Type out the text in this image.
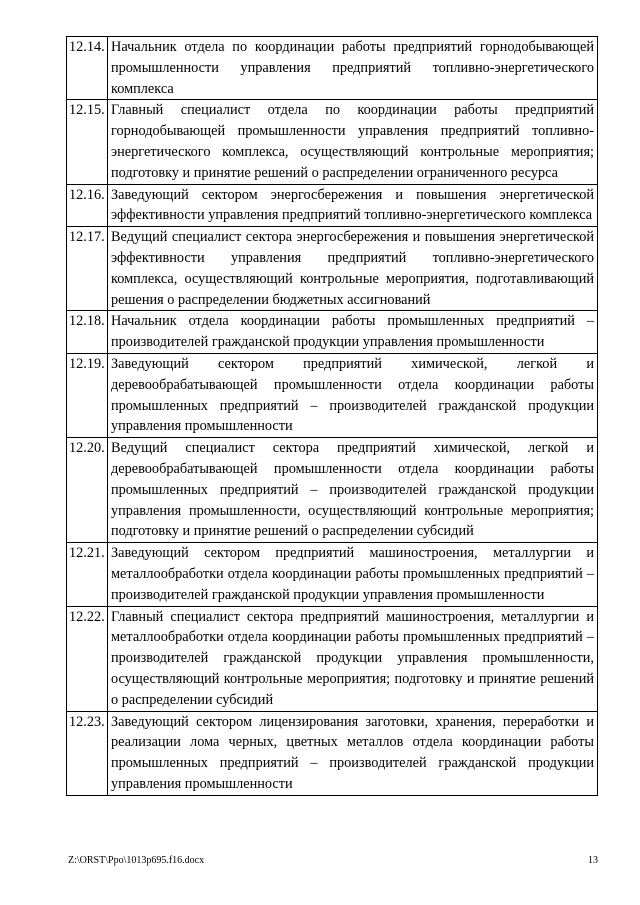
12.14.	Начальник отдела по координации работы предприятий горнодобывающей промышленности управления предприятий топливно-энергетического комплекса
12.15.	Главный специалист отдела по координации работы предприятий горнодобывающей промышленности управления предприятий топливно-энергетического комплекса, осуществляющий контрольные мероприятия; подготовку и принятие решений о распределении ограниченного ресурса
12.16.	Заведующий сектором энергосбережения и повышения энергетической эффективности управления предприятий топливно-энергетического комплекса
12.17.	Ведущий специалист сектора энергосбережения и повышения энергетической эффективности управления предприятий топливно-энергетического комплекса, осуществляющий контрольные мероприятия, подготавливающий решения о распределении бюджетных ассигнований
12.18.	Начальник отдела координации работы промышленных предприятий – производителей гражданской продукции управления промышленности
12.19.	Заведующий сектором предприятий химической, легкой и деревообрабатывающей промышленности отдела координации работы промышленных предприятий – производителей гражданской продукции управления промышленности
12.20.	Ведущий специалист сектора предприятий химической, легкой и деревообрабатывающей промышленности отдела координации работы промышленных предприятий – производителей гражданской продукции управления промышленности, осуществляющий контрольные мероприятия; подготовку и принятие решений о распределении субсидий
12.21.	Заведующий сектором предприятий машиностроения, металлургии и металлообработки отдела координации работы промышленных предприятий – производителей гражданской продукции управления промышленности
12.22.	Главный специалист сектора предприятий машиностроения, металлургии и металлообработки отдела координации работы промышленных предприятий – производителей гражданской продукции управления промышленности, осуществляющий контрольные мероприятия; подготовку и принятие решений о распределении субсидий
12.23.	Заведующий сектором лицензирования заготовки, хранения, переработки и реализации лома черных, цветных металлов отдела координации работы промышленных предприятий – производителей гражданской продукции управления промышленности
Z:\ORST\Ppo\1013p695.f16.docx	13
